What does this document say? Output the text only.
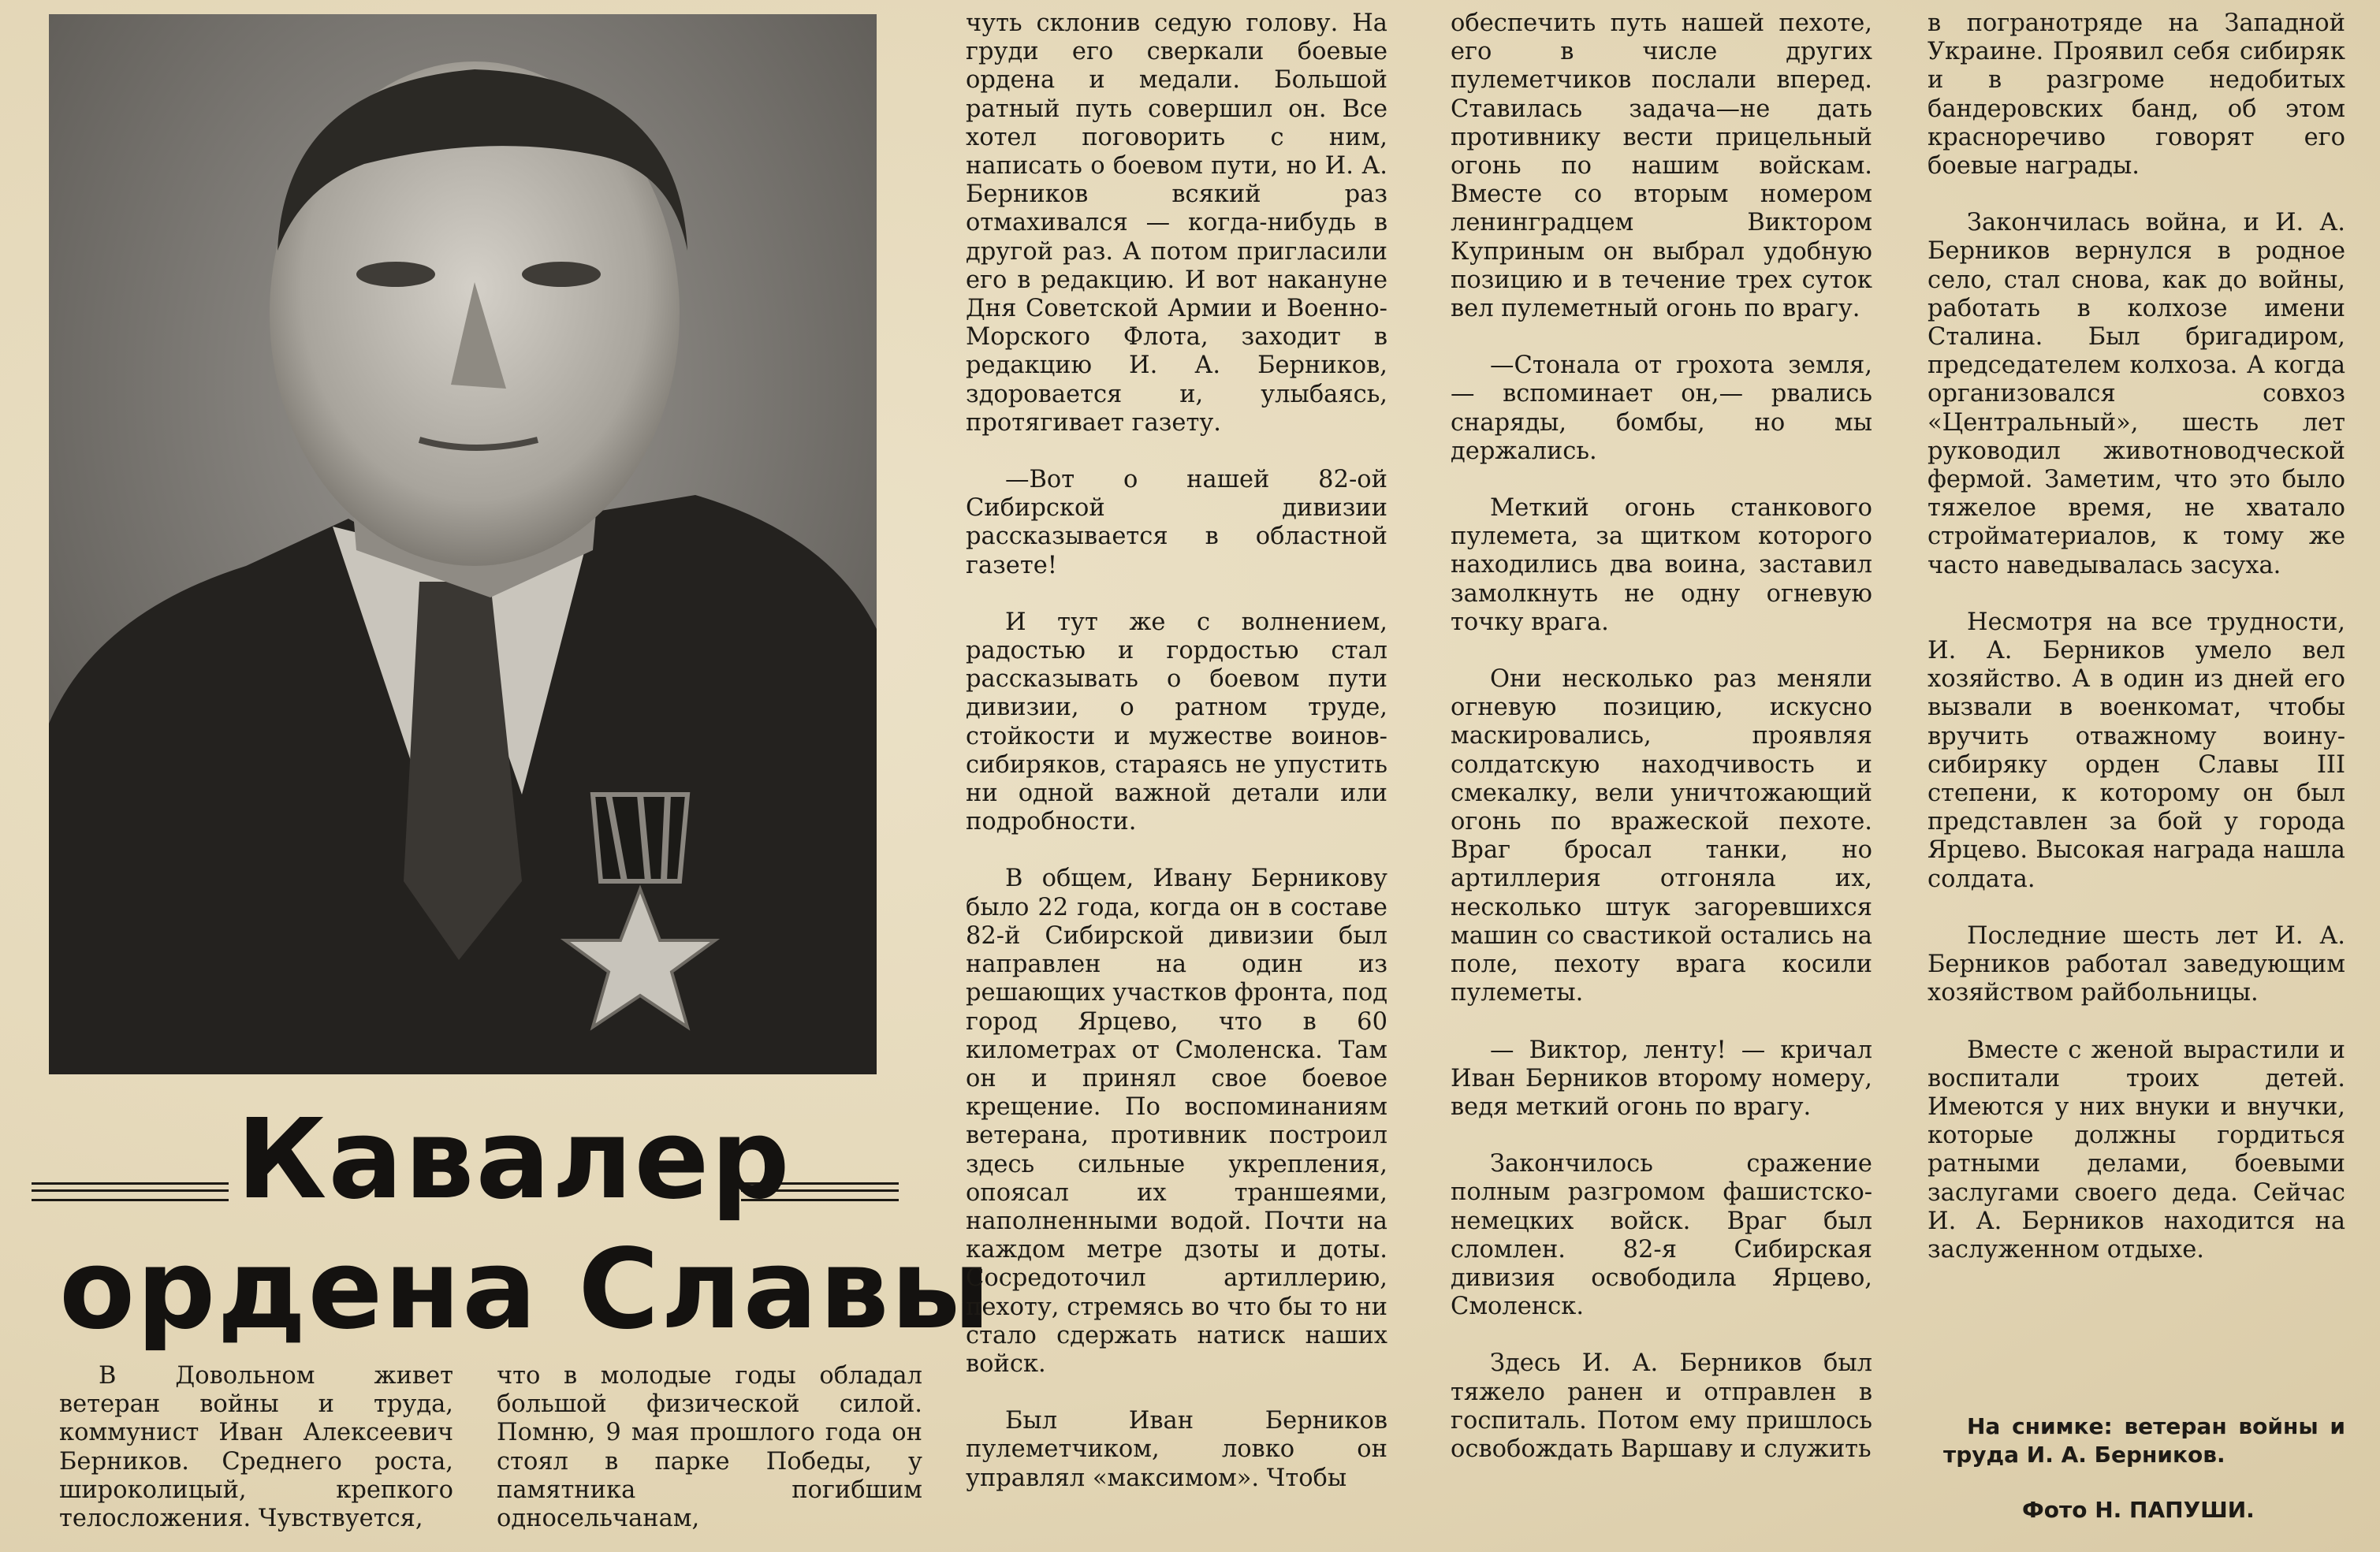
Кавалер
ордена Славы

В Довольном живет ветеран войны и труда, коммунист Иван Алексеевич Берников. Среднего роста, широколицый, крепкого телосложения. Чувствуется,

что в молодые годы обладал большой физической силой. Помню, 9 мая прошлого года он стоял в парке Победы, у памятника погибшим односельчанам,

чуть склонив седую голову. На груди его сверкали боевые ордена и медали. Большой ратный путь совершил он. Все хотел поговорить с ним, написать о боевом пути, но И. А. Берников всякий раз отмахивался — когда-нибудь в другой раз. А потом пригласили его в редакцию. И вот накануне Дня Советской Армии и Военно-Морского Флота, заходит в редакцию И. А. Берников, здоровается и, улыбаясь, протягивает газету.

—Вот о нашей 82-ой Сибирской дивизии рассказывается в областной газете!

И тут же с волнением, радостью и гордостью стал рассказывать о боевом пути дивизии, о ратном труде, стойкости и мужестве воинов-сибиряков, стараясь не упустить ни одной важной детали или подробности.

В общем, Ивану Берникову было 22 года, когда он в составе 82-й Сибирской дивизии был направлен на один из решающих участков фронта, под город Ярцево, что в 60 километрах от Смоленска. Там он и принял свое боевое крещение. По воспоминаниям ветерана, противник построил здесь сильные укрепления, опоясал их траншеями, наполненными водой. Почти на каждом метре дзоты и доты. Сосредоточил артиллерию, пехоту, стремясь во что бы то ни стало сдержать натиск наших войск.

Был Иван Берников пулеметчиком, ловко он управлял «максимом». Чтобы

обеспечить путь нашей пехоте, его в числе других пулеметчиков послали вперед. Ставилась задача—не дать противнику вести прицельный огонь по нашим войскам. Вместе со вторым номером ленинградцем Виктором Куприным он выбрал удобную позицию и в течение трех суток вел пулеметный огонь по врагу.

—Стонала от грохота земля,— вспоминает он,— рвались снаряды, бомбы, но мы держались.

Меткий огонь станкового пулемета, за щитком которого находились два воина, заставил замолкнуть не одну огневую точку врага.

Они несколько раз меняли огневую позицию, искусно маскировались, проявляя солдатскую находчивость и смекалку, вели уничтожающий огонь по вражеской пехоте. Враг бросал танки, но артиллерия отгоняла их, несколько штук загоревшихся машин со свастикой остались на поле, пехоту врага косили пулеметы.

— Виктор, ленту! — кричал Иван Берников второму номеру, ведя меткий огонь по врагу.

Закончилось сражение полным разгромом фашистско-немецких войск. Враг был сломлен. 82-я Сибирская дивизия освободила Ярцево, Смоленск.

Здесь И. А. Берников был тяжело ранен и отправлен в госпиталь. Потом ему пришлось освобождать Варшаву и служить

в погранотряде на Западной Украине. Проявил себя сибиряк и в разгроме недобитых бандеровских банд, об этом красноречиво говорят его боевые награды.

Закончилась война, и И. А. Берников вернулся в родное село, стал снова, как до войны, работать в колхозе имени Сталина. Был бригадиром, председателем колхоза. А когда организовался совхоз «Центральный», шесть лет руководил животноводческой фермой. Заметим, что это было тяжелое время, не хватало стройматериалов, к тому же часто наведывалась засуха.

Несмотря на все трудности, И. А. Берников умело вел хозяйство. А в один из дней его вызвали в военкомат, чтобы вручить отважному воину-сибиряку орден Славы III степени, к которому он был представлен за бой у города Ярцево. Высокая награда нашла солдата.

Последние шесть лет И. А. Берников работал заведующим хозяйством райбольницы.

Вместе с женой вырастили и воспитали троих детей. Имеются у них внуки и внучки, которые должны гордиться ратными делами, боевыми заслугами своего деда. Сейчас И. А. Берников находится на заслуженном отдыхе.

На снимке: ветеран войны и труда И. А. Берников.
Фото Н. ПАПУШИ.
